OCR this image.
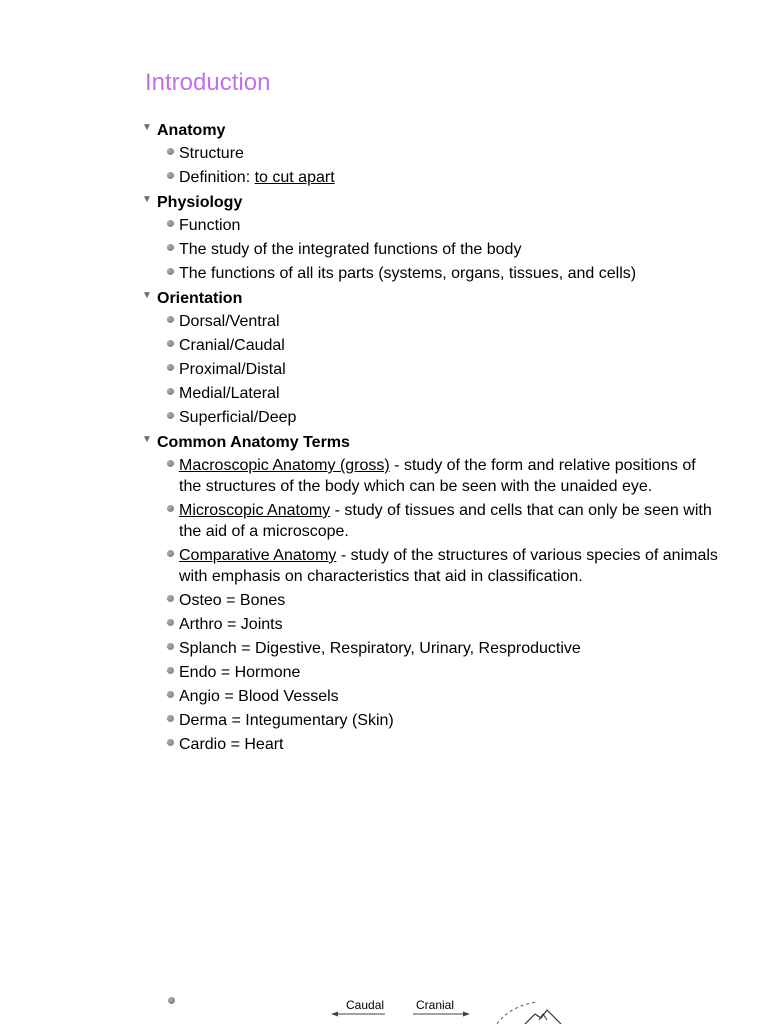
Introduction
▼ Anatomy
Structure
Definition: to cut apart
▼ Physiology
Function
The study of the integrated functions of the body
The functions of all its parts (systems, organs, tissues, and cells)
▼ Orientation
Dorsal/Ventral
Cranial/Caudal
Proximal/Distal
Medial/Lateral
Superficial/Deep
▼ Common Anatomy Terms
Macroscopic Anatomy (gross) - study of the form and relative positions of the structures of the body which can be seen with the unaided eye.
Microscopic Anatomy - study of tissues and cells that can only be seen with the aid of a microscope.
Comparative Anatomy - study of the structures of various species of animals with emphasis on characteristics that aid in classification.
Osteo = Bones
Arthro = Joints
Splanch = Digestive, Respiratory, Urinary, Resproductive
Endo = Hormone
Angio = Blood Vessels
Derma = Integumentary (Skin)
Cardio = Heart
Caudal	Cranial
